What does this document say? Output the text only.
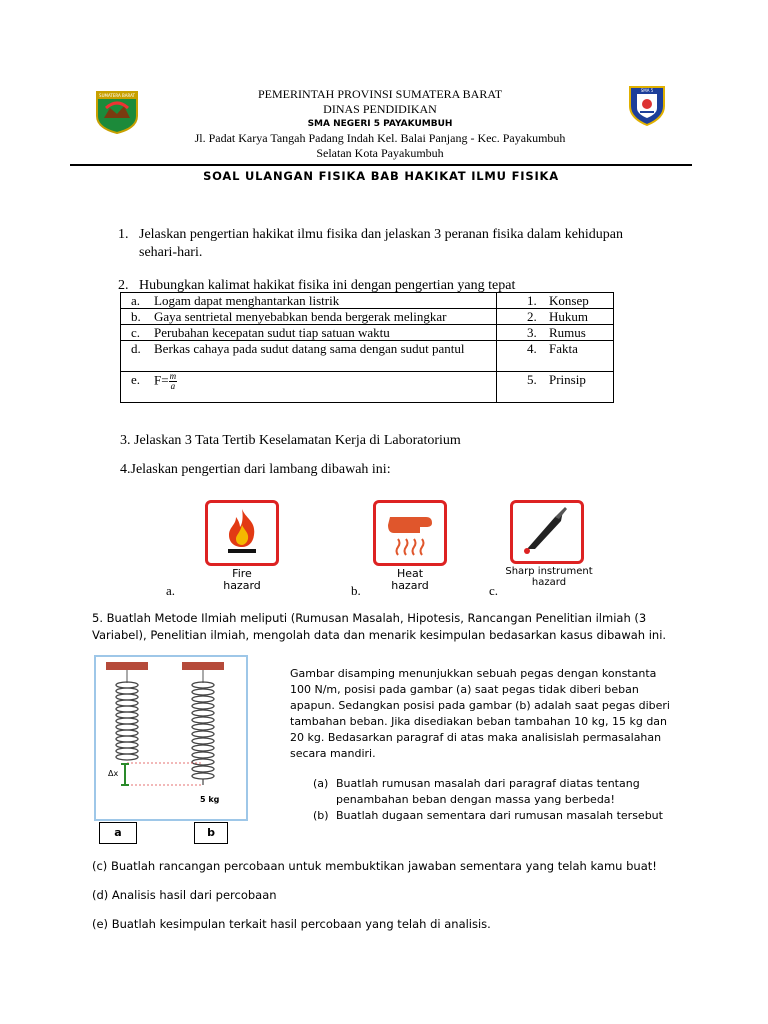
SUMATERA BARAT
SMA 5
PEMERINTAH PROVINSI SUMATERA BARAT
DINAS PENDIDIKAN
SMA NEGERI 5 PAYAKUMBUH
Jl. Padat Karya Tangah Padang Indah Kel. Balai Panjang - Kec. Payakumbuh
Selatan Kota Payakumbuh
SOAL ULANGAN FISIKA BAB HAKIKAT ILMU FISIKA
1. Jelaskan pengertian hakikat ilmu fisika dan jelaskan 3 peranan fisika dalam kehidupan
sehari-hari.
2. Hubungkan kalimat hakikat fisika ini dengan pengertian yang tepat
a. Logam dapat menghantarkan listrik	1. Konsep
b. Gaya sentrietal menyebabkan benda bergerak melingkar	2. Hukum
c. Perubahan kecepatan sudut tiap satuan waktu	3. Rumus

d. Berkas cahaya pada sudut datang sama dengan sudut pantul	4. Fakta
e. $F= \frac{m}{a}$	5. Prinsip
3. Jelaskan 3 Tata Tertib Keselamatan Kerja di Laboratorium
4.Jelaskan pengertian dari lambang dibawah ini:
Fire
hazard
a.
Heat
hazard
b.
Sharp instrument
hazard
c.
5. Buatlah Metode Ilmiah meliputi (Rumusan Masalah, Hipotesis, Rancangan Penelitian ilmiah (3
Variabel), Penelitian ilmiah, mengolah data dan menarik kesimpulan bedasarkan kasus dibawah ini.
Δx
5 kg
a	b
Gambar disamping menunjukkan sebuah pegas dengan konstanta
100 N/m, posisi pada gambar (a) saat pegas tidak diberi beban
apapun. Sedangkan posisi pada gambar (b) adalah saat pegas diberi
tambahan beban. Jika disediakan beban tambahan 10 kg, 15 kg dan
20 kg. Bedasarkan paragraf di atas maka analisislah permasalahan
secara mandiri.
(a) Buatlah rumusan masalah dari paragraf diatas tentang
penambahan beban dengan massa yang berbeda!
(b) Buatlah dugaan sementara dari rumusan masalah tersebut
(c) Buatlah rancangan percobaan untuk membuktikan jawaban sementara yang telah kamu buat!
(d) Analisis hasil dari percobaan
(e) Buatlah kesimpulan terkait hasil percobaan yang telah di analisis.
